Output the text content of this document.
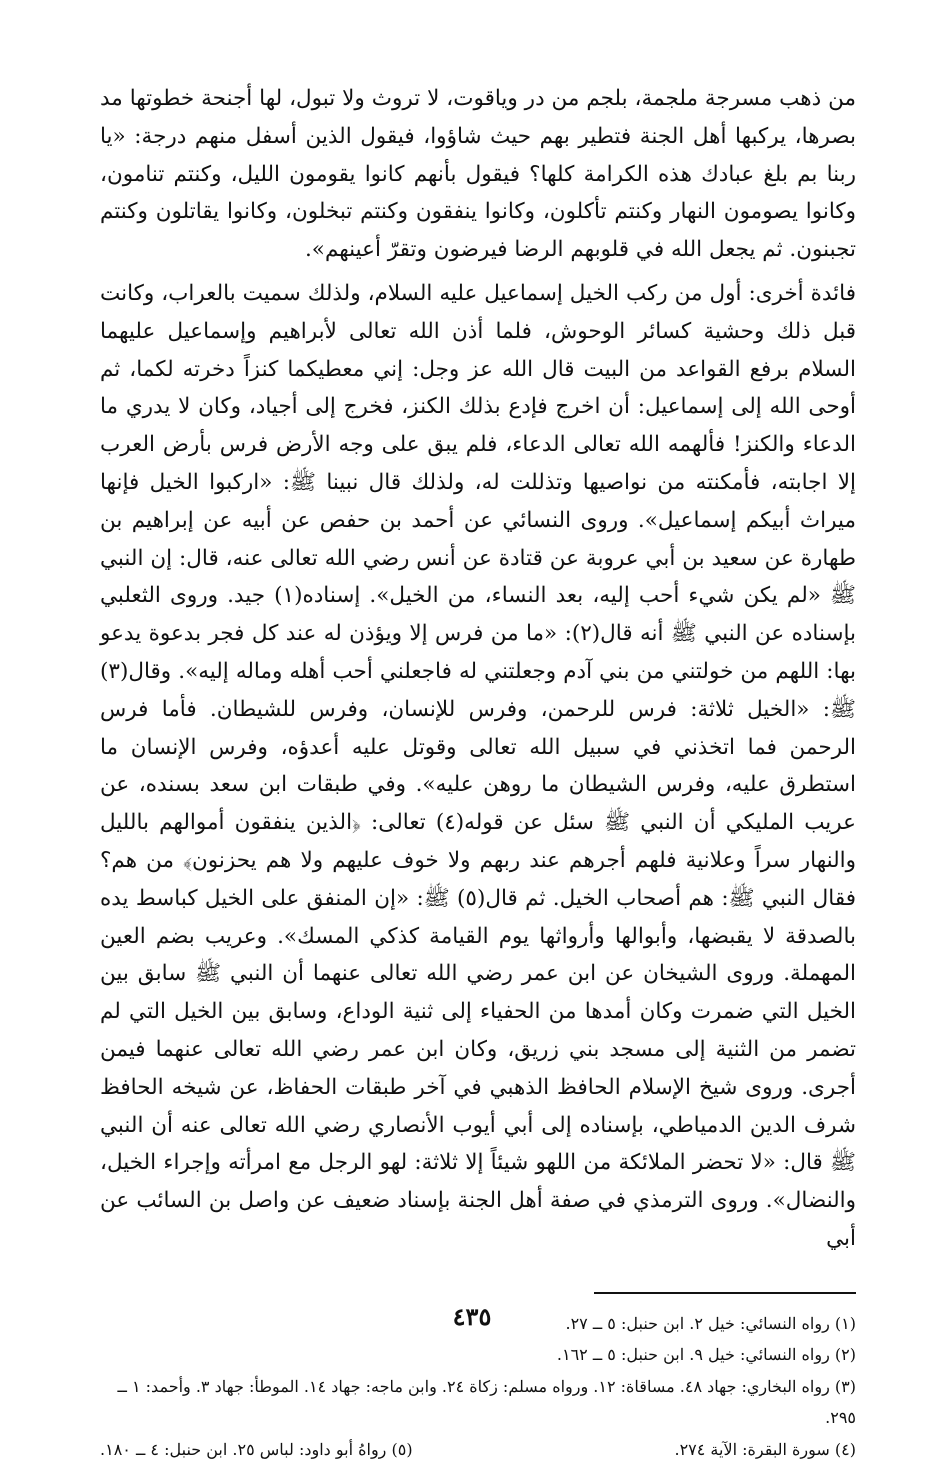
من ذهب مسرجة ملجمة، بلجم من در وياقوت، لا تروث ولا تبول، لها أجنحة خطوتها مد بصرها، يركبها أهل الجنة فتطير بهم حيث شاؤوا، فيقول الذين أسفل منهم درجة: «يا ربنا بم بلغ عبادك هذه الكرامة كلها؟ فيقول بأنهم كانوا يقومون الليل، وكنتم تنامون، وكانوا يصومون النهار وكنتم تأكلون، وكانوا ينفقون وكنتم تبخلون، وكانوا يقاتلون وكنتم تجبنون. ثم يجعل الله في قلوبهم الرضا فيرضون وتقرّ أعينهم».

فائدة أخرى: أول من ركب الخيل إسماعيل عليه السلام، ولذلك سميت بالعراب، وكانت قبل ذلك وحشية كسائر الوحوش، فلما أذن الله تعالى لأبراهيم وإسماعيل عليهما السلام برفع القواعد من البيت قال الله عز وجل: إني معطيكما كنزاً دخرته لكما، ثم أوحى الله إلى إسماعيل: أن اخرج فإدع بذلك الكنز، فخرج إلى أجياد، وكان لا يدري ما الدعاء والكنز! فألهمه الله تعالى الدعاء، فلم يبق على وجه الأرض فرس بأرض العرب إلا اجابته، فأمكنته من نواصيها وتذللت له، ولذلك قال نبينا ﷺ: «اركبوا الخيل فإنها ميراث أبيكم إسماعيل». وروى النسائي عن أحمد بن حفص عن أبيه عن إبراهيم بن طهارة عن سعيد بن أبي عروبة عن قتادة عن أنس رضي الله تعالى عنه، قال: إن النبي ﷺ «لم يكن شيء أحب إليه، بعد النساء، من الخيل». إسناده(١) جيد. وروى الثعلبي بإسناده عن النبي ﷺ أنه قال(٢): «ما من فرس إلا ويؤذن له عند كل فجر بدعوة يدعو بها: اللهم من خولتني من بني آدم وجعلتني له فاجعلني أحب أهله وماله إليه». وقال(٣) ﷺ: «الخيل ثلاثة: فرس للرحمن، وفرس للإنسان، وفرس للشيطان. فأما فرس الرحمن فما اتخذني في سبيل الله تعالى وقوتل عليه أعدؤه، وفرس الإنسان ما استطرق عليه، وفرس الشيطان ما روهن عليه». وفي طبقات ابن سعد بسنده، عن عريب المليكي أن النبي ﷺ سئل عن قوله(٤) تعالى: ﴿الذين ينفقون أموالهم بالليل والنهار سراً وعلانية فلهم أجرهم عند ربهم ولا خوف عليهم ولا هم يحزنون﴾ من هم؟ فقال النبي ﷺ: هم أصحاب الخيل. ثم قال(٥) ﷺ: «إن المنفق على الخيل كباسط يده بالصدقة لا يقبضها، وأبوالها وأرواثها يوم القيامة كذكي المسك». وعريب بضم العين المهملة. وروى الشيخان عن ابن عمر رضي الله تعالى عنهما أن النبي ﷺ سابق بين الخيل التي ضمرت وكان أمدها من الحفياء إلى ثنية الوداع، وسابق بين الخيل التي لم تضمر من الثنية إلى مسجد بني زريق، وكان ابن عمر رضي الله تعالى عنهما فيمن أجرى. وروى شيخ الإسلام الحافظ الذهبي في آخر طبقات الحفاظ، عن شيخه الحافظ شرف الدين الدمياطي، بإسناده إلى أبي أيوب الأنصاري رضي الله تعالى عنه أن النبي ﷺ قال: «لا تحضر الملائكة من اللهو شيئاً إلا ثلاثة: لهو الرجل مع امرأته وإجراء الخيل، والنضال». وروى الترمذي في صفة أهل الجنة بإسناد ضعيف عن واصل بن السائب عن أبي

(١) رواه النسائي: خيل ٢. ابن حنبل: ٥ ــ ٢٧.

(٢) رواه النسائي: خيل ٩. ابن حنبل: ٥ ــ ١٦٢.

(٣) رواه البخاري: جهاد ٤٨. مساقاة: ١٢. ورواه مسلم: زكاة ٢٤. وابن ماجه: جهاد ١٤. الموطأ: جهاد ٣. وأحمد: ١ ــ ٢٩٥.

(٤) سورة البقرة: الآية ٢٧٤.
(٥) رواهُ أبو داود: لباس ٢٥. ابن حنبل: ٤ ــ ١٨٠.
٤٣٥
